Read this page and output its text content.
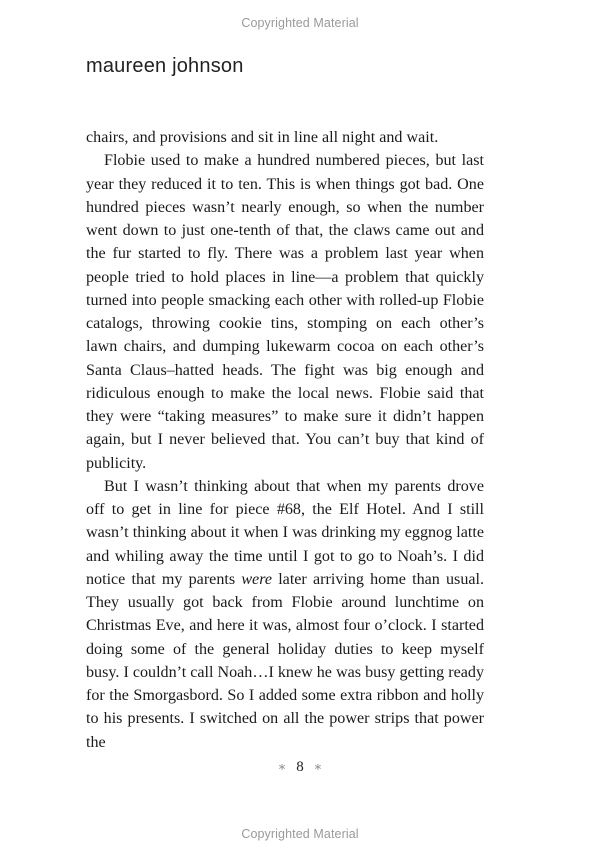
Copyrighted Material
maureen johnson

chairs, and provisions and sit in line all night and wait.

Flobie used to make a hundred numbered pieces, but last year they reduced it to ten. This is when things got bad. One hundred pieces wasn’t nearly enough, so when the number went down to just one-tenth of that, the claws came out and the fur started to fly. There was a problem last year when people tried to hold places in line—a problem that quickly turned into people smacking each other with rolled-up Flobie catalogs, throwing cookie tins, stomping on each other’s lawn chairs, and dumping lukewarm cocoa on each other’s Santa Claus–hatted heads. The fight was big enough and ridiculous enough to make the local news. Flobie said that they were “taking measures” to make sure it didn’t happen again, but I never believed that. You can’t buy that kind of publicity.

But I wasn’t thinking about that when my parents drove off to get in line for piece #68, the Elf Hotel. And I still wasn’t thinking about it when I was drinking my eggnog latte and whiling away the time until I got to go to Noah’s. I did notice that my parents were later arriving home than usual. They usually got back from Flobie around lunchtime on Christmas Eve, and here it was, almost four o’clock. I started doing some of the general holiday duties to keep myself busy. I couldn’t call Noah…I knew he was busy getting ready for the Smorgasbord. So I added some extra ribbon and holly to his presents. I switched on all the power strips that power the

∗ 8 ∗
Copyrighted Material
